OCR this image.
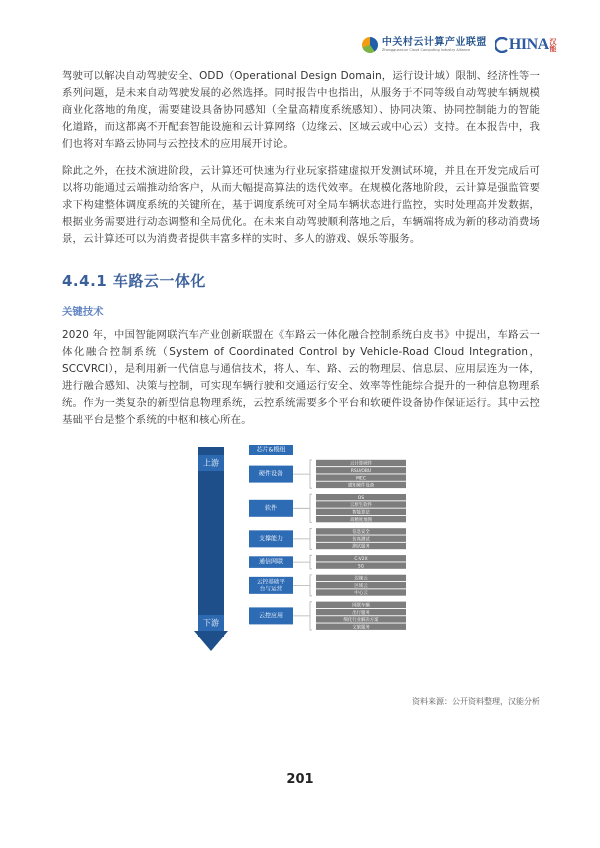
中关村云计算产业联盟
Zhongguancun Cloud Computing Industry Alliance	HINA 汉能

驾驶可以解决自动驾驶安全、ODD（Operational Design Domain，运行设计域）限制、经济性等一系列问题，是未来自动驾驶发展的必然选择。同时报告中也指出，从服务于不同等级自动驾驶车辆规模商业化落地的角度，需要建设具备协同感知（全量高精度系统感知）、协同决策、协同控制能力的智能化道路，而这都离不开配套智能设施和云计算网络（边缘云、区域云或中心云）支持。在本报告中，我们也将对车路云协同与云控技术的应用展开讨论。

除此之外，在技术演进阶段，云计算还可快速为行业玩家搭建虚拟开发测试环境，并且在开发完成后可以将功能通过云端推动给客户，从而大幅提高算法的迭代效率。在规模化落地阶段，云计算是强监管要求下构建整体调度系统的关键所在，基于调度系统可对全局车辆状态进行监控，实时处理高并发数据，根据业务需要进行动态调整和全局优化。在未来自动驾驶顺利落地之后，车辆端将成为新的移动消费场景，云计算还可以为消费者提供丰富多样的实时、多人的游戏、娱乐等服务。

4.4.1 车路云一体化
关键技术

2020 年，中国智能网联汽车产业创新联盟在《车路云一体化融合控制系统白皮书》中提出，车路云一体化融合控制系统（System of Coordinated Control by Vehicle-Road Cloud Integration，SCCVRCI），是利用新一代信息与通信技术，将人、车、路、云的物理层、信息层、应用层连为一体，进行融合感知、决策与控制，可实现车辆行驶和交通运行安全、效率等性能综合提升的一种信息物理系统。作为一类复杂的新型信息物理系统，云控系统需要多个平台和软硬件设备协作保证运行。其中云控基础平台是整个系统的中枢和核心所在。

上游
下游
芯片&模组
硬件设备
云计算硬件
RSU/OBU
MEC
感知硬件设备
软件
OS
云原生软件
智能算法
高精度地图
支撑能力
信息安全
仿真测试
测试服务
通信网联	C-V2X
5G
云控基础平
台与运营
边缘云
区域云
中心云
云控应用
网联车辆
出行服务
细化行业解决方案
文旅服务
资料来源：公开资料整理，汉能分析
201
